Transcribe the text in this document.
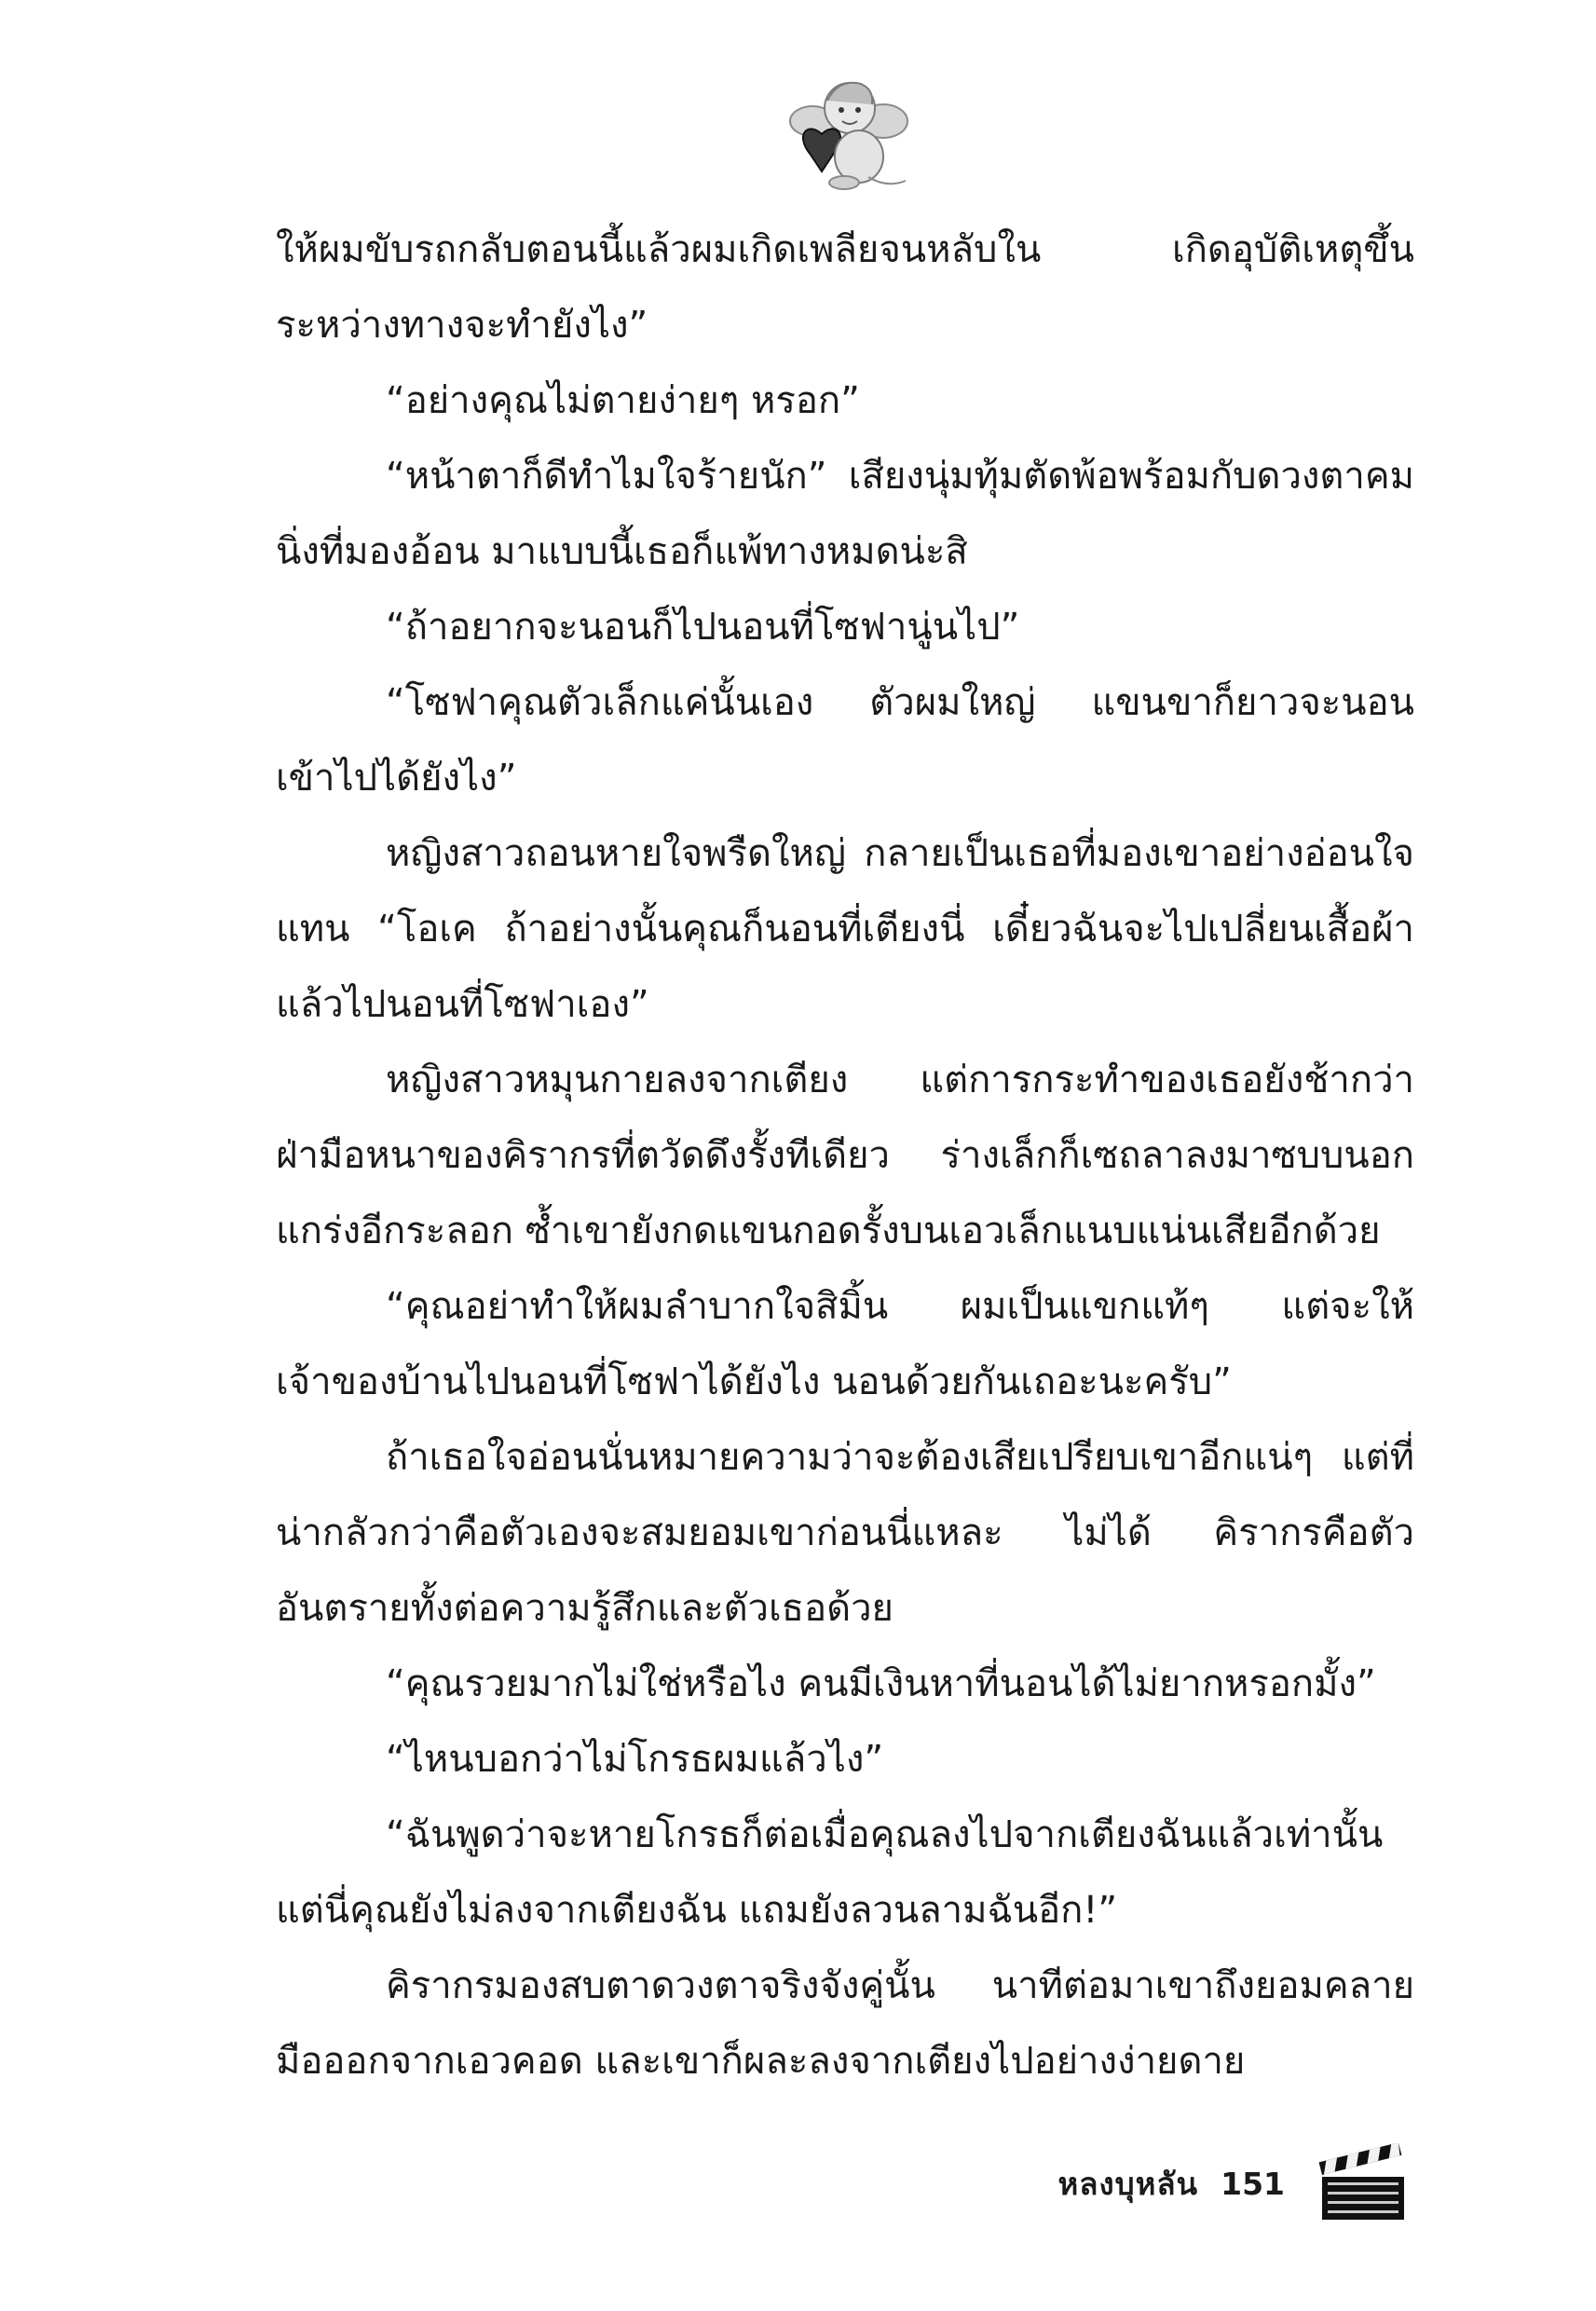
ให้ผมขับรถกลับตอนนี้แล้วผมเกิดเพลียจนหลับใน เกิดอุบัติเหตุขึ้นระหว่างทางจะทำยังไง”

“อย่างคุณไม่ตายง่ายๆ หรอก”

“หน้าตาก็ดีทำไมใจร้ายนัก” เสียงนุ่มทุ้มตัดพ้อพร้อมกับดวงตาคมนิ่งที่มองอ้อน มาแบบนี้เธอก็แพ้ทางหมดน่ะสิ

“ถ้าอยากจะนอนก็ไปนอนที่โซฟานู่นไป”

“โซฟาคุณตัวเล็กแค่นั้นเอง ตัวผมใหญ่ แขนขาก็ยาวจะนอนเข้าไปได้ยังไง”

หญิงสาวถอนหายใจพรืดใหญ่ กลายเป็นเธอที่มองเขาอย่างอ่อนใจแทน “โอเค ถ้าอย่างนั้นคุณก็นอนที่เตียงนี่ เดี๋ยวฉันจะไปเปลี่ยนเสื้อผ้าแล้วไปนอนที่โซฟาเอง”

หญิงสาวหมุนกายลงจากเตียง แต่การกระทำของเธอยังช้ากว่าฝ่ามือหนาของคิรากรที่ตวัดดึงรั้งทีเดียว ร่างเล็กก็เซถลาลงมาซบบนอกแกร่งอีกระลอก ซ้ำเขายังกดแขนกอดรั้งบนเอวเล็กแนบแน่นเสียอีกด้วย

“คุณอย่าทำให้ผมลำบากใจสิมิ้น ผมเป็นแขกแท้ๆ แต่จะให้เจ้าของบ้านไปนอนที่โซฟาได้ยังไง นอนด้วยกันเถอะนะครับ”

ถ้าเธอใจอ่อนนั่นหมายความว่าจะต้องเสียเปรียบเขาอีกแน่ๆ แต่ที่น่ากลัวกว่าคือตัวเองจะสมยอมเขาก่อนนี่แหละ ไม่ได้ คิรากรคือตัวอันตรายทั้งต่อความรู้สึกและตัวเธอด้วย

“คุณรวยมากไม่ใช่หรือไง คนมีเงินหาที่นอนได้ไม่ยากหรอกมั้ง”

“ไหนบอกว่าไม่โกรธผมแล้วไง”

“ฉันพูดว่าจะหายโกรธก็ต่อเมื่อคุณลงไปจากเตียงฉันแล้วเท่านั้นแต่นี่คุณยังไม่ลงจากเตียงฉัน แถมยังลวนลามฉันอีก!”

คิรากรมองสบตาดวงตาจริงจังคู่นั้น นาทีต่อมาเขาถึงยอมคลายมือออกจากเอวคอด และเขาก็ผละลงจากเตียงไปอย่างง่ายดาย

หลงบุหลัน 151
